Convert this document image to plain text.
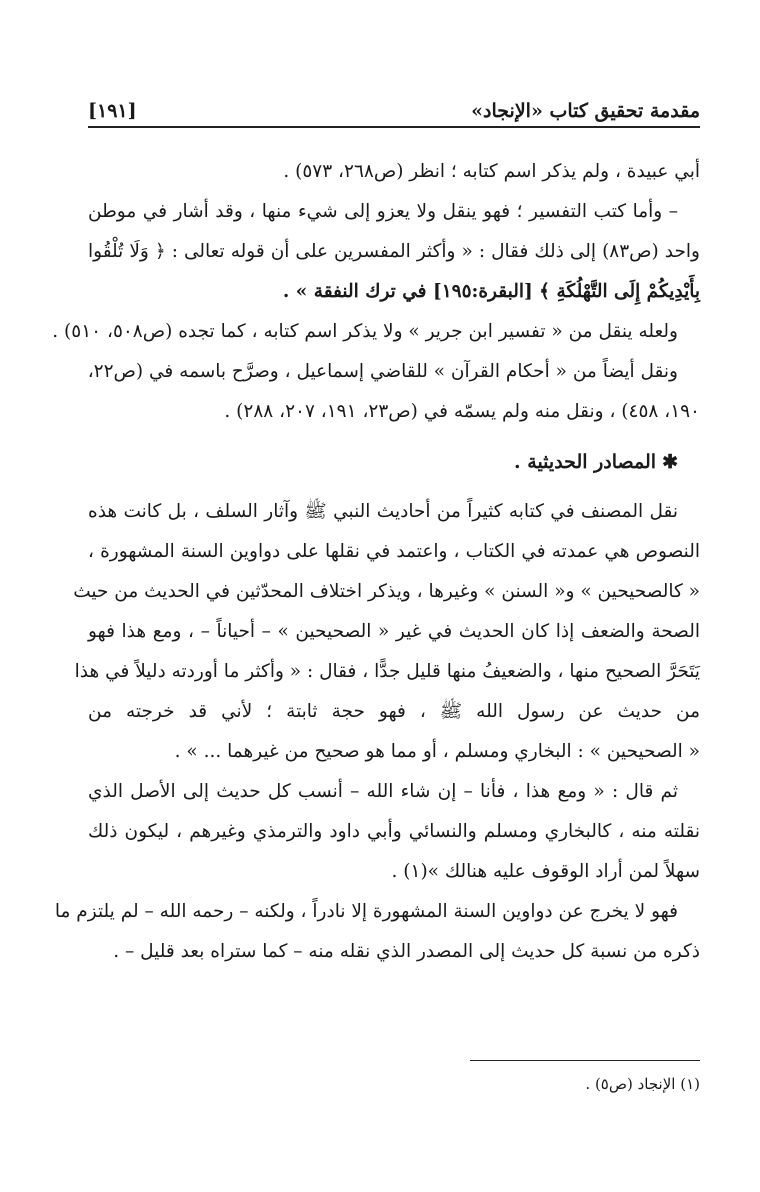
مقدمة تحقيق كتاب «الإنجاد»
[١٩١]
أبي عبيدة ، ولم يذكر اسم كتابه ؛ انظر (ص٢٦٨، ٥٧٣) .
– وأما كتب التفسير ؛ فهو ينقل ولا يعزو إلى شيء منها ، وقد أشار في موطن
واحد (ص٨٣) إلى ذلك فقال : « وأكثر المفسرين على أن قوله تعالى : ﴿ وَلَا تُلْقُوا
بِأَيْدِيكُمْ إِلَى التَّهْلُكَةِ ﴾ [البقرة:١٩٥] في ترك النفقة » .
ولعله ينقل من « تفسير ابن جرير » ولا يذكر اسم كتابه ، كما تجده (ص٥٠٨، ٥١٠) .
ونقل أيضاً من « أحكام القرآن » للقاضي إسماعيل ، وصرَّح باسمه في (ص٢٢،
١٩٠، ٤٥٨) ، ونقل منه ولم يسمّه في (ص٢٣، ١٩١، ٢٠٧، ٢٨٨) .
✱المصادر الحديثية .
نقل المصنف في كتابه كثيراً من أحاديث النبي ﷺ وآثار السلف ، بل كانت هذه
النصوص هي عمدته في الكتاب ، واعتمد في نقلها على دواوين السنة المشهورة ،
« كالصحيحين » و« السنن » وغيرها ، ويذكر اختلاف المحدّثين في الحديث من حيث
الصحة والضعف إذا كان الحديث في غير « الصحيحين » – أحياناً – ، ومع هذا فهو
يَتَحَرَّ الصحيح منها ، والضعيفُ منها قليل جدًّا ، فقال : « وأكثر ما أوردته دليلاً في هذا
من حديث عن رسول الله ﷺ ، فهو حجة ثابتة ؛ لأني قد خرجته من
« الصحيحين » : البخاري ومسلم ، أو مما هو صحيح من غيرهما ... » .
ثم قال : « ومع هذا ، فأنا – إن شاء الله – أنسب كل حديث إلى الأصل الذي
نقلته منه ، كالبخاري ومسلم والنسائي وأبي داود والترمذي وغيرهم ، ليكون ذلك
سهلاً لمن أراد الوقوف عليه هنالك »(١) .
فهو لا يخرج عن دواوين السنة المشهورة إلا نادراً ، ولكنه – رحمه الله – لم يلتزم ما
ذكره من نسبة كل حديث إلى المصدر الذي نقله منه – كما ستراه بعد قليل – .
(١) الإنجاد (ص٥) .
